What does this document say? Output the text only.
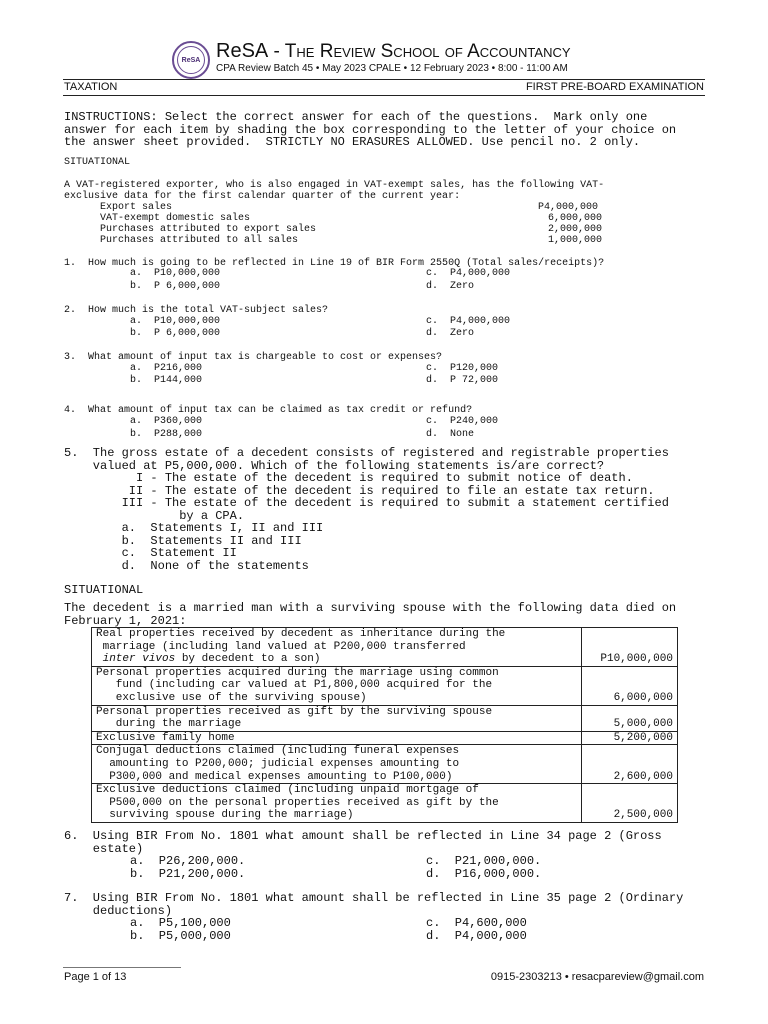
ReSA ReSA - The Review School of Accountancy
CPA Review Batch 45 • May 2023 CPALE • 12 February 2023 • 8:00 - 11:00 AM
TAXATION	FIRST PRE-BOARD EXAMINATION
INSTRUCTIONS: Select the correct answer for each of the questions.  Mark only one
answer for each item by shading the box corresponding to the letter of your choice on
the answer sheet provided.  STRICTLY NO ERASURES ALLOWED. Use pencil no. 2 only.
SITUATIONAL
A VAT-registered exporter, who is also engaged in VAT-exempt sales, has the following VAT-
exclusive data for the first calendar quarter of the current year:
Export sales	P4,000,000
VAT-exempt domestic sales	6,000,000
Purchases attributed to export sales	2,000,000
Purchases attributed to all sales	1,000,000
1.  How much is going to be reflected in Line 19 of BIR Form 2550Q (Total sales/receipts)?
a.  P10,000,000	c.  P4,000,000
b.  P 6,000,000	d.  Zero
2.  How much is the total VAT-subject sales?
a.  P10,000,000	c.  P4,000,000
b.  P 6,000,000	d.  Zero
3.  What amount of input tax is chargeable to cost or expenses?
a.  P216,000	c.  P120,000
b.  P144,000	d.  P 72,000
4.  What amount of input tax can be claimed as tax credit or refund?
a.  P360,000	c.  P240,000
b.  P288,000	d.  None
5.  The gross estate of a decedent consists of registered and registrable properties
valued at P5,000,000. Which of the following statements is/are correct?
I - The estate of the decedent is required to submit notice of death.
II - The estate of the decedent is required to file an estate tax return.
III - The estate of the decedent is required to submit a statement certified
by a CPA.
a.  Statements I, II and III
b.  Statements II and III
c.  Statement II
d.  None of the statements
SITUATIONAL
The decedent is a married man with a surviving spouse with the following data died on
February 1, 2021:
Real properties received by decedent as inheritance during the
marriage (including land valued at P200,000 transferred
inter vivos by decedent to a son)	P10,000,000
Personal properties acquired during the marriage using common
fund (including car valued at P1,800,000 acquired for the
exclusive use of the surviving spouse)	6,000,000
Personal properties received as gift by the surviving spouse
during the marriage	5,000,000
Exclusive family home	5,200,000
Conjugal deductions claimed (including funeral expenses
amounting to P200,000; judicial expenses amounting to
P300,000 and medical expenses amounting to P100,000)	2,600,000
Exclusive deductions claimed (including unpaid mortgage of
P500,000 on the personal properties received as gift by the
surviving spouse during the marriage)	2,500,000
6.  Using BIR From No. 1801 what amount shall be reflected in Line 34 page 2 (Gross
estate)
a.  P26,200,000.	c.  P21,000,000.
b.  P21,200,000.	d.  P16,000,000.
7.  Using BIR From No. 1801 what amount shall be reflected in Line 35 page 2 (Ordinary
deductions)
a.  P5,100,000	c.  P4,600,000
b.  P5,000,000	d.  P4,000,000
Page 1 of 13	0915-2303213 • resacpareview@gmail.com
